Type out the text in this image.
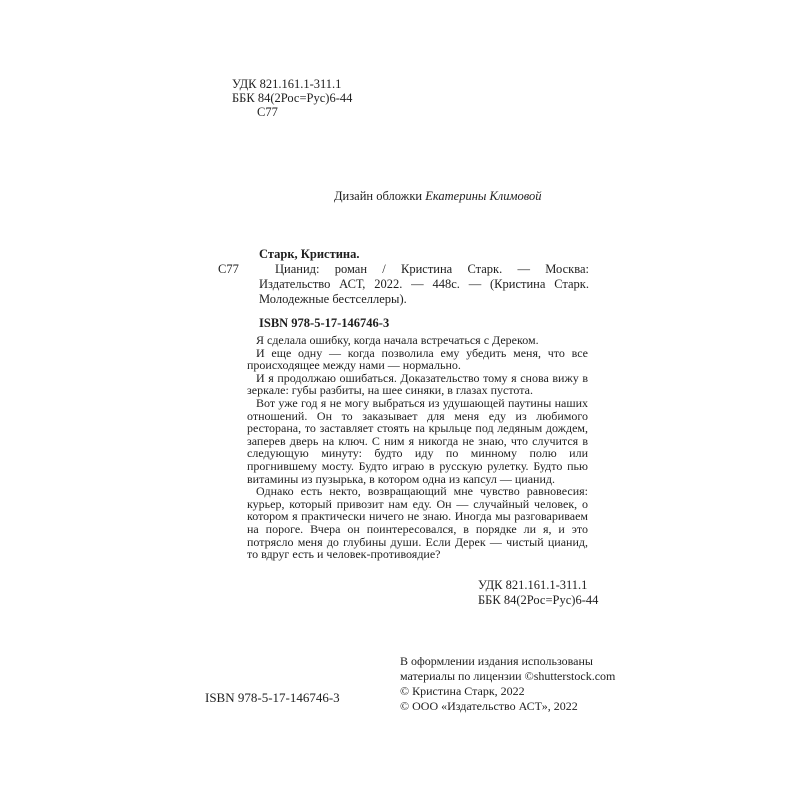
УДК 821.161.1-311.1
ББК 84(2Рос=Рус)6-44
С77
Дизайн обложки Екатерины Климовой
Старк, Кристина.
С77	Цианид: роман / Кристина Старк. — Москва: Издательство АСТ, 2022. — 448с. — (Кристина Старк. Молодежные бестселлеры).

ISBN 978-5-17-146746-3

Я сделала ошибку, когда начала встречаться с Дереком.

И еще одну — когда позволила ему убедить меня, что все происходящее между нами — нормально.

И я продолжаю ошибаться. Доказательство тому я снова вижу в зеркале: губы разбиты, на шее синяки, в глазах пустота.

Вот уже год я не могу выбраться из удушающей паутины наших отношений. Он то заказывает для меня еду из любимого ресторана, то заставляет стоять на крыльце под ледяным дождем, заперев дверь на ключ. С ним я никогда не знаю, что случится в следующую минуту: будто иду по минному полю или прогнившему мосту. Будто играю в русскую рулетку. Будто пью витамины из пузырька, в котором одна из капсул — цианид.

Однако есть некто, возвращающий мне чувство равновесия: курьер, который привозит нам еду. Он — случайный человек, о котором я практически ничего не знаю. Иногда мы разговариваем на пороге. Вчера он поинтересовался, в порядке ли я, и это потрясло меня до глубины души. Если Дерек — чистый цианид, то вдруг есть и человек-противоядие?

УДК 821.161.1-311.1
ББК 84(2Рос=Рус)6-44
В оформлении издания использованы
материалы по лицензии ©shutterstock.com
© Кристина Старк, 2022
© ООО «Издательство АСТ», 2022
ISBN 978-5-17-146746-3
